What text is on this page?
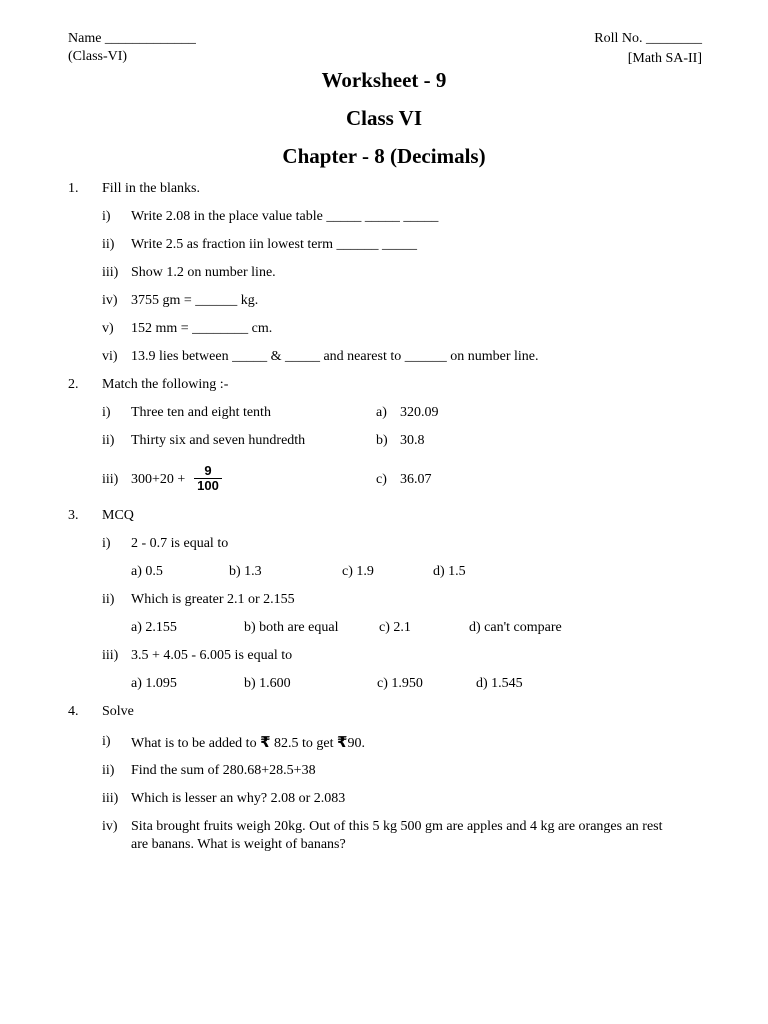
Name _____________
(Class-VI)
Roll No. ________
[Math SA-II]
Worksheet - 9
Class VI
Chapter - 8 (Decimals)
1. Fill in the blanks.
i) Write 2.08 in the place value table _____ _____ _____
ii) Write 2.5 as fraction iin lowest term ______ _____
iii) Show 1.2 on number line.
iv) 3755 gm = ______ kg.
v) 152 mm = ________ cm.
vi) 13.9 lies between _____ & _____ and nearest to ______ on number line.
2. Match the following :-
i) Three ten and eight tenth	a) 320.09
ii) Thirty six and seven hundredth	b) 30.8
iii) $300+20 + \frac{9}{100}$	c) 36.07
3. MCQ
i) 2 - 0.7 is equal to
a) 0.5	b) 1.3	c) 1.9	d) 1.5
ii) Which is greater 2.1 or 2.155
a) 2.155	b) both are equal	c) 2.1	d) can't compare
iii) 3.5 + 4.05 - 6.005 is equal to
a) 1.095	b) 1.600	c) 1.950	d) 1.545
4. Solve
i) What is to be added to ₹ 82.5 to get ₹90.
ii) Find the sum of 280.68+28.5+38
iii) Which is lesser an why? 2.08 or 2.083
iv) Sita brought fruits weigh 20kg. Out of this 5 kg 500 gm are apples and 4 kg are oranges an rest
are banans. What is weight of banans?
